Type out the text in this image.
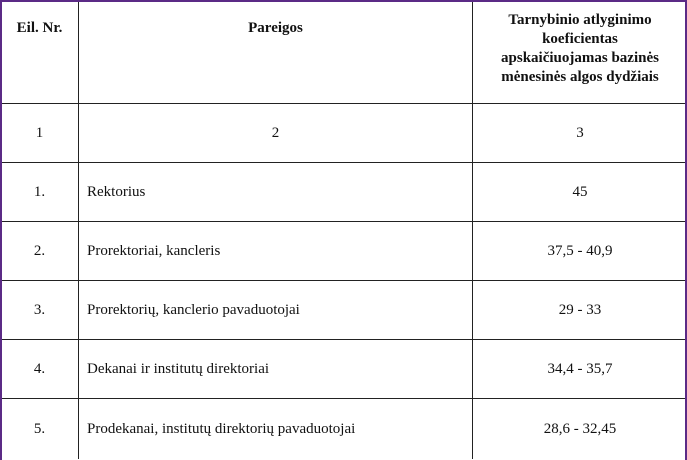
Eil. Nr.	Pareigos	Tarnybinio atlyginimo koeficientas apskaičiuojamas bazinės mėnesinės algos dydžiais

1	2	3
1.	Rektorius	45
2.	Prorektoriai, kancleris	37,5 - 40,9
3.	Prorektorių, kanclerio pavaduotojai	29 - 33
4.	Dekanai ir institutų direktoriai	34,4 - 35,7
5.	Prodekanai, institutų direktorių pavaduotojai	28,6 - 32,45
